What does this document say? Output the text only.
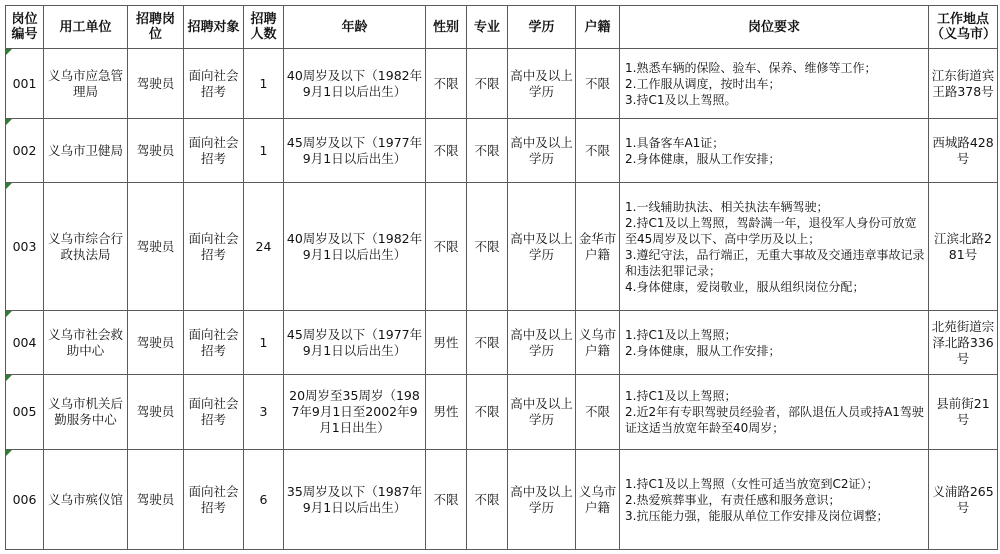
岗位编号	用工单位	招聘岗位	招聘对象	招聘人数	年龄	性别	专业	学历	户籍	岗位要求	工作地点（义乌市）

001	义乌市应急管理局	驾驶员	面向社会招考	1	40周岁及以下（1982年9月1日以后出生）	不限	不限	高中及以上学历	不限	1.熟悉车辆的保险、验车、保养、维修等工作；
2.工作服从调度，按时出车；
3.持C1及以上驾照。	江东街道宾王路378号

002	义乌市卫健局	驾驶员	面向社会招考	1	45周岁及以下（1977年9月1日以后出生）	不限	不限	高中及以上学历	不限	1.具备客车A1证；
2.身体健康，服从工作安排；	西城路428号

003	义乌市综合行政执法局	驾驶员	面向社会招考	24	40周岁及以下（1982年9月1日以后出生）	不限	不限	高中及以上学历	金华市户籍	1.一线辅助执法、相关执法车辆驾驶；
2.持C1及以上驾照，驾龄满一年，退役军人身份可放宽至45周岁及以下、高中学历及以上；
3.遵纪守法，品行端正，无重大事故及交通违章事故记录和违法犯罪记录；
4.身体健康，爱岗敬业，服从组织岗位分配；	江滨北路281号

004	义乌市社会救助中心	驾驶员	面向社会招考	1	45周岁及以下（1977年9月1日以后出生）	男性	不限	高中及以上学历	义乌市户籍	1.持C1及以上驾照；
2.身体健康，服从工作安排；	北苑街道宗泽北路336号

005	义乌市机关后勤服务中心	驾驶员	面向社会招考	3	20周岁至35周岁（1987年9月1日至2002年9月1日出生）	男性	不限	高中及以上学历	不限	1.持C1及以上驾照；
2.近2年有专职驾驶员经验者，部队退伍人员或持A1驾驶证这适当放宽年龄至40周岁；	县前街21号

006	义乌市殡仪馆	驾驶员	面向社会招考	6	35周岁及以下（1987年9月1日以后出生）	不限	不限	高中及以上学历	义乌市户籍	1.持C1及以上驾照（女性可适当放宽到C2证）；
2.热爱殡葬事业，有责任感和服务意识；
3.抗压能力强，能服从单位工作安排及岗位调整；	义浦路265号
